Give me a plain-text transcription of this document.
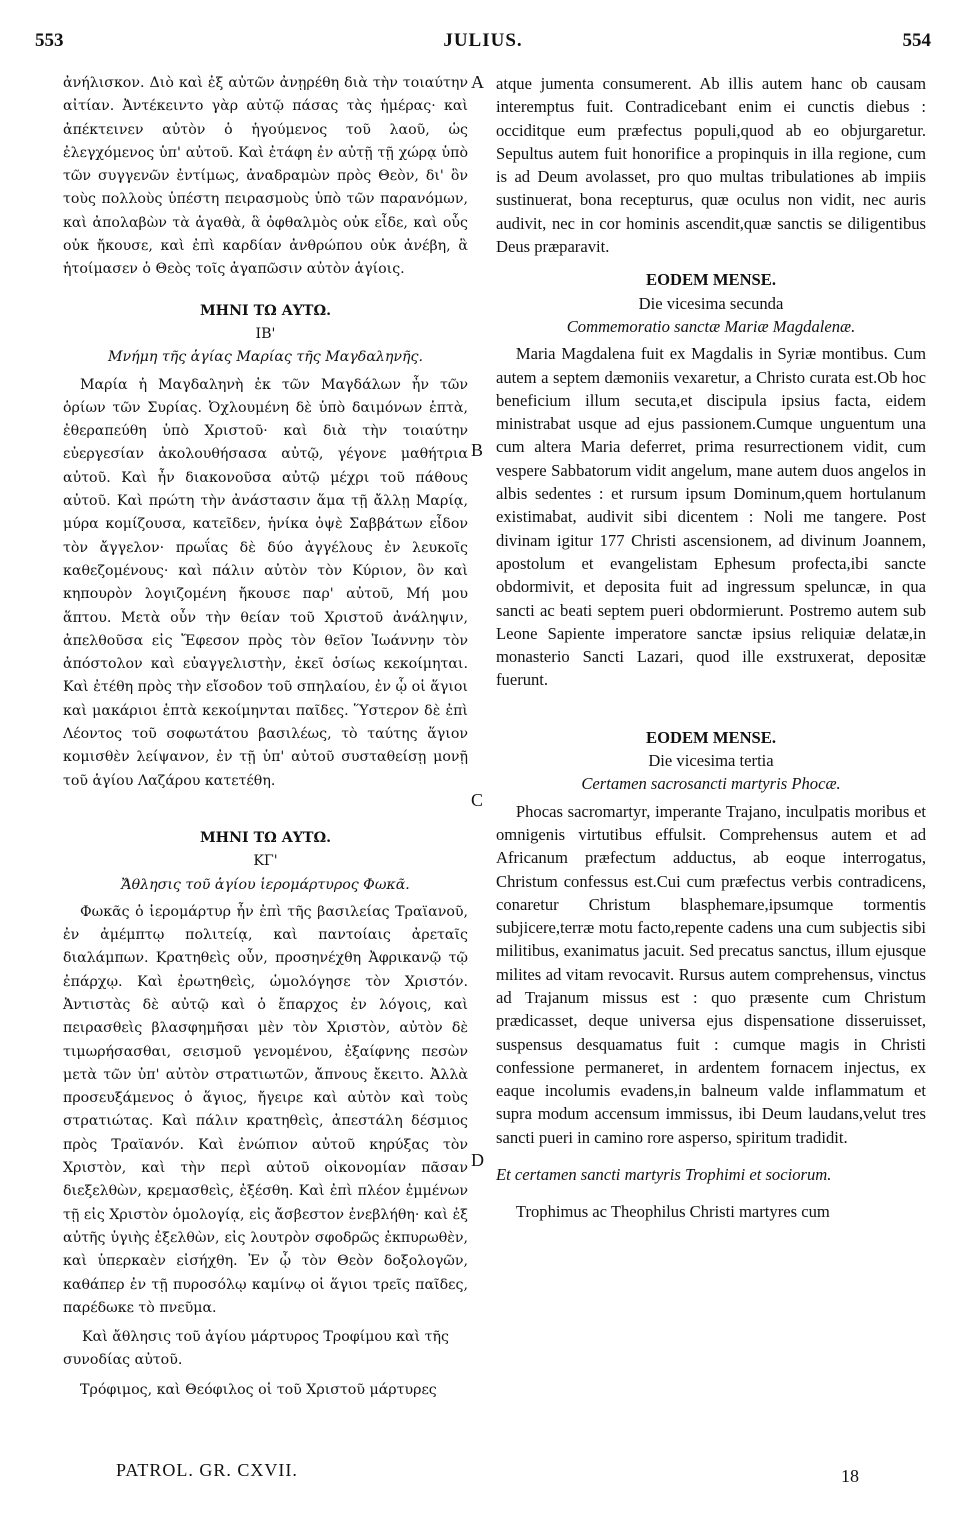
553	JULIUS.	554

ἀνήλισκον. Διὸ καὶ ἐξ αὐτῶν ἀνῃρέθη διὰ τὴν τοιαύτην αἰτίαν. Ἀντέκειντο γὰρ αὐτῷ πάσας τὰς ἡμέρας· καὶ ἀπέκτεινεν αὐτὸν ὁ ἡγούμενος τοῦ λαοῦ, ὡς ἐλεγχόμενος ὑπ' αὐτοῦ. Καὶ ἐτάφη ἐν αὐτῇ τῇ χώρᾳ ὑπὸ τῶν συγγενῶν ἐντίμως, ἀναδραμὼν πρὸς Θεὸν, δι' ὃν τοὺς πολλοὺς ὑπέστη πειρασμοὺς ὑπὸ τῶν παρανόμων, καὶ ἀπολαβὼν τὰ ἀγαθὰ, ἃ ὀφθαλμὸς οὐκ εἶδε, καὶ οὖς οὐκ ἤκουσε, καὶ ἐπὶ καρδίαν ἀνθρώπου οὐκ ἀνέβη, ἃ ἡτοίμασεν ὁ Θεὸς τοῖς ἀγαπῶσιν αὐτὸν ἁγίοις.

ΜΗΝΙ ΤΩ ΑΥΤΩ.
ΙΒ'
Μνήμη τῆς ἁγίας Μαρίας τῆς Μαγδαληνῆς.

Μαρία ἡ Μαγδαληνὴ ἐκ τῶν Μαγδάλων ἦν τῶν ὁρίων τῶν Συρίας. Ὀχλουμένη δὲ ὑπὸ δαιμόνων ἑπτὰ, ἐθεραπεύθη ὑπὸ Χριστοῦ· καὶ διὰ τὴν τοιαύτην εὐεργεσίαν ἀκολουθήσασα αὐτῷ, γέγονε μαθήτρια αὐτοῦ. Καὶ ἦν διακονοῦσα αὐτῷ μέχρι τοῦ πάθους αὐτοῦ. Καὶ πρώτη τὴν ἀνάστασιν ἅμα τῇ ἄλλῃ Μαρίᾳ, μύρα κομίζουσα, κατεῖδεν, ἡνίκα ὀψὲ Σαββάτων εἶδον τὸν ἄγγελον· πρωΐας δὲ δύο ἀγγέλους ἐν λευκοῖς καθεζομένους· καὶ πάλιν αὐτὸν τὸν Κύριον, ὃν καὶ κηπουρὸν λογιζομένη ἤκουσε παρ' αὐτοῦ, Μή μου ἅπτου. Μετὰ οὖν τὴν θείαν τοῦ Χριστοῦ ἀνάληψιν, ἀπελθοῦσα εἰς Ἔφεσον πρὸς τὸν θεῖον Ἰωάννην τὸν ἀπόστολον καὶ εὐαγγελιστὴν, ἐκεῖ ὁσίως κεκοίμηται. Καὶ ἐτέθη πρὸς τὴν εἴσοδον τοῦ σπηλαίου, ἐν ᾧ οἱ ἅγιοι καὶ μακάριοι ἑπτὰ κεκοίμηνται παῖδες. Ὕστερον δὲ ἐπὶ Λέοντος τοῦ σοφωτάτου βασιλέως, τὸ ταύτης ἅγιον κομισθὲν λείψανον, ἐν τῇ ὑπ' αὐτοῦ συσταθείσῃ μονῇ τοῦ ἁγίου Λαζάρου κατετέθη.

ΜΗΝΙ ΤΩ ΑΥΤΩ.
ΚΓ'
Ἄθλησις τοῦ ἁγίου ἱερομάρτυρος Φωκᾶ.

Φωκᾶς ὁ ἱερομάρτυρ ἦν ἐπὶ τῆς βασιλείας Τραϊανοῦ, ἐν ἀμέμπτῳ πολιτείᾳ, καὶ παντοίαις ἀρεταῖς διαλάμπων. Κρατηθεὶς οὖν, προσηνέχθη Ἀφρικανῷ τῷ ἐπάρχῳ. Καὶ ἐρωτηθεὶς, ὡμολόγησε τὸν Χριστόν. Ἀντιστὰς δὲ αὐτῷ καὶ ὁ ἔπαρχος ἐν λόγοις, καὶ πειρασθεὶς βλασφημῆσαι μὲν τὸν Χριστὸν, αὐτὸν δὲ τιμωρήσασθαι, σεισμοῦ γενομένου, ἐξαίφνης πεσὼν μετὰ τῶν ὑπ' αὐτὸν στρατιωτῶν, ἄπνους ἔκειτο. Ἀλλὰ προσευξάμενος ὁ ἅγιος, ἤγειρε καὶ αὐτὸν καὶ τοὺς στρατιώτας. Καὶ πάλιν κρατηθεὶς, ἀπεστάλη δέσμιος πρὸς Τραϊανόν. Καὶ ἐνώπιον αὐτοῦ κηρύξας τὸν Χριστὸν, καὶ τὴν περὶ αὐτοῦ οἰκονομίαν πᾶσαν διεξελθὼν, κρεμασθεὶς, ἐξέσθη. Καὶ ἐπὶ πλέον ἐμμένων τῇ εἰς Χριστὸν ὁμολογίᾳ, εἰς ἄσβεστον ἐνεβλήθη· καὶ ἐξ αὐτῆς ὑγιὴς ἐξελθὼν, εἰς λουτρὸν σφοδρῶς ἐκπυρωθὲν, καὶ ὑπερκαὲν εἰσήχθη. Ἐν ᾧ τὸν Θεὸν δοξολογῶν, καθάπερ ἐν τῇ πυροσόλῳ καμίνῳ οἱ ἅγιοι τρεῖς παῖδες, παρέδωκε τὸ πνεῦμα.

Καὶ ἄθλησις τοῦ ἁγίου μάρτυρος Τροφίμου καὶ τῆς συνοδίας αὐτοῦ.

Τρόφιμος, καὶ Θεόφιλος οἱ τοῦ Χριστοῦ μάρτυρες

atque jumenta consumerent. Ab illis autem hanc ob causam interemptus fuit. Contradicebant enim ei cunctis diebus : occiditque eum præfectus populi,quod ab eo objurgaretur. Sepultus autem fuit honorifice a propinquis in illa regione, cum is ad Deum avolasset, pro quo multas tribulationes ab impiis sustinuerat, bona recepturus, quæ oculus non vidit, nec auris audivit, nec in cor hominis ascendit,quæ sanctis se diligentibus Deus præparavit.

EODEM MENSE.
Die vicesima secunda
Commemoratio sanctæ Mariæ Magdalenæ.

Maria Magdalena fuit ex Magdalis in Syriæ montibus. Cum autem a septem dæmoniis vexaretur, a Christo curata est.Ob hoc beneficium illum secuta,et discipula ipsius facta, eidem ministrabat usque ad ejus passionem.Cumque unguentum una cum altera Maria deferret, prima resurrectionem vidit, cum vespere Sabbatorum vidit angelum, mane autem duos angelos in albis sedentes : et rursum ipsum Dominum,quem hortulanum existimabat, audivit sibi dicentem : Noli me tangere. Post divinam igitur 177 Christi ascensionem, ad divinum Joannem, apostolum et evangelistam Ephesum profecta,ibi sancte obdormivit, et deposita fuit ad ingressum speluncæ, in qua sancti ac beati septem pueri obdormierunt. Postremo autem sub Leone Sapiente imperatore sanctæ ipsius reliquiæ delatæ,in monasterio Sancti Lazari, quod ille exstruxerat, depositæ fuerunt.

EODEM MENSE.
Die vicesima tertia
Certamen sacrosancti martyris Phocæ.

Phocas sacromartyr, imperante Trajano, inculpatis moribus et omnigenis virtutibus effulsit. Comprehensus autem et ad Africanum præfectum adductus, ab eoque interrogatus, Christum confessus est.Cui cum præfectus verbis contradicens, conaretur Christum blasphemare,ipsumque tormentis subjicere,terræ motu facto,repente cadens una cum subjectis sibi militibus, exanimatus jacuit. Sed precatus sanctus, illum ejusque milites ad vitam revocavit. Rursus autem comprehensus, vinctus ad Trajanum missus est : quo præsente cum Christum prædicasset, deque universa ejus dispensatione disseruisset, suspensus desquamatus fuit : cumque magis in Christi confessione permaneret, in ardentem fornacem injectus, ex eaque incolumis evadens,in balneum valde inflammatum et supra modum accensum immissus, ibi Deum laudans,velut tres sancti pueri in camino rore asperso, spiritum tradidit.

Et certamen sancti martyris Trophimi et sociorum.

Trophimus ac Theophilus Christi martyres cum

A
B
C
D
PATROL. GR. CXVII.	18
